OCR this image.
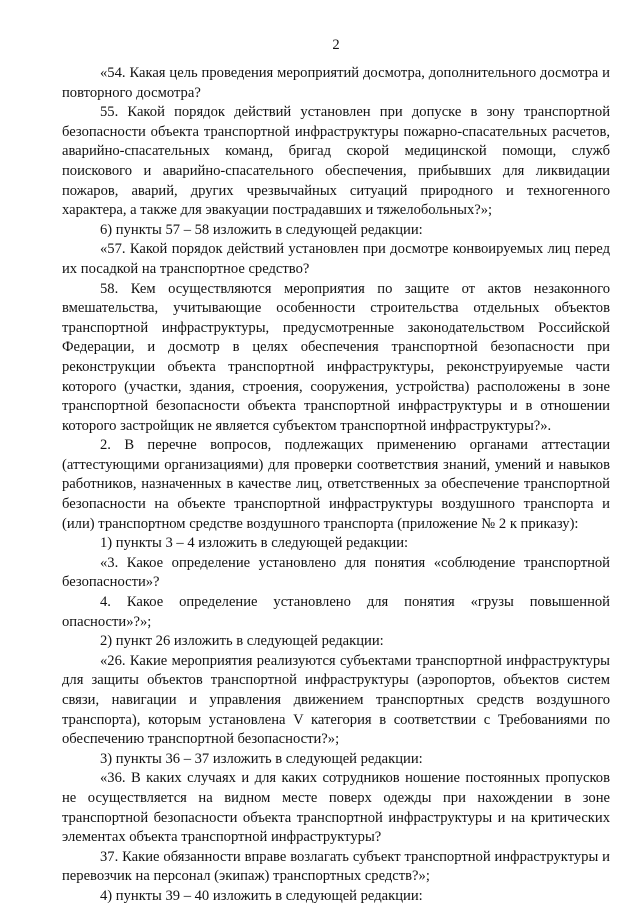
2

«54. Какая цель проведения мероприятий досмотра, дополнительного досмотра и повторного досмотра?

55. Какой порядок действий установлен при допуске в зону транспортной безопасности объекта транспортной инфраструктуры пожарно-спасательных расчетов, аварийно-спасательных команд, бригад скорой медицинской помощи, служб поискового и аварийно-спасательного обеспечения, прибывших для ликвидации пожаров, аварий, других чрезвычайных ситуаций природного и техногенного характера, а также для эвакуации пострадавших и тяжелобольных?»;

6) пункты 57 – 58 изложить в следующей редакции:

«57. Какой порядок действий установлен при досмотре конвоируемых лиц перед их посадкой на транспортное средство?

58. Кем осуществляются мероприятия по защите от актов незаконного вмешательства, учитывающие особенности строительства отдельных объектов транспортной инфраструктуры, предусмотренные законодательством Российской Федерации, и досмотр в целях обеспечения транспортной безопасности при реконструкции объекта транспортной инфраструктуры, реконструируемые части которого (участки, здания, строения, сооружения, устройства) расположены в зоне транспортной безопасности объекта транспортной инфраструктуры и в отношении которого застройщик не является субъектом транспортной инфраструктуры?».

2. В перечне вопросов, подлежащих применению органами аттестации (аттестующими организациями) для проверки соответствия знаний, умений и навыков работников, назначенных в качестве лиц, ответственных за обеспечение транспортной безопасности на объекте транспортной инфраструктуры воздушного транспорта и (или) транспортном средстве воздушного транспорта (приложение № 2 к приказу):

1) пункты 3 – 4 изложить в следующей редакции:

«3. Какое определение установлено для понятия «соблюдение транспортной безопасности»?

4. Какое определение установлено для понятия «грузы повышенной опасности»?»;

2) пункт 26 изложить в следующей редакции:

«26. Какие мероприятия реализуются субъектами транспортной инфраструктуры для защиты объектов транспортной инфраструктуры (аэропортов, объектов систем связи, навигации и управления движением транспортных средств воздушного транспорта), которым установлена V категория в соответствии с Требованиями по обеспечению транспортной безопасности?»;

3) пункты 36 – 37 изложить в следующей редакции:

«36. В каких случаях и для каких сотрудников ношение постоянных пропусков не осуществляется на видном месте поверх одежды при нахождении в зоне транспортной безопасности объекта транспортной инфраструктуры и на критических элементах объекта транспортной инфраструктуры?

37. Какие обязанности вправе возлагать субъект транспортной инфраструктуры и перевозчик на персонал (экипаж) транспортных средств?»;

4) пункты 39 – 40 изложить в следующей редакции:
